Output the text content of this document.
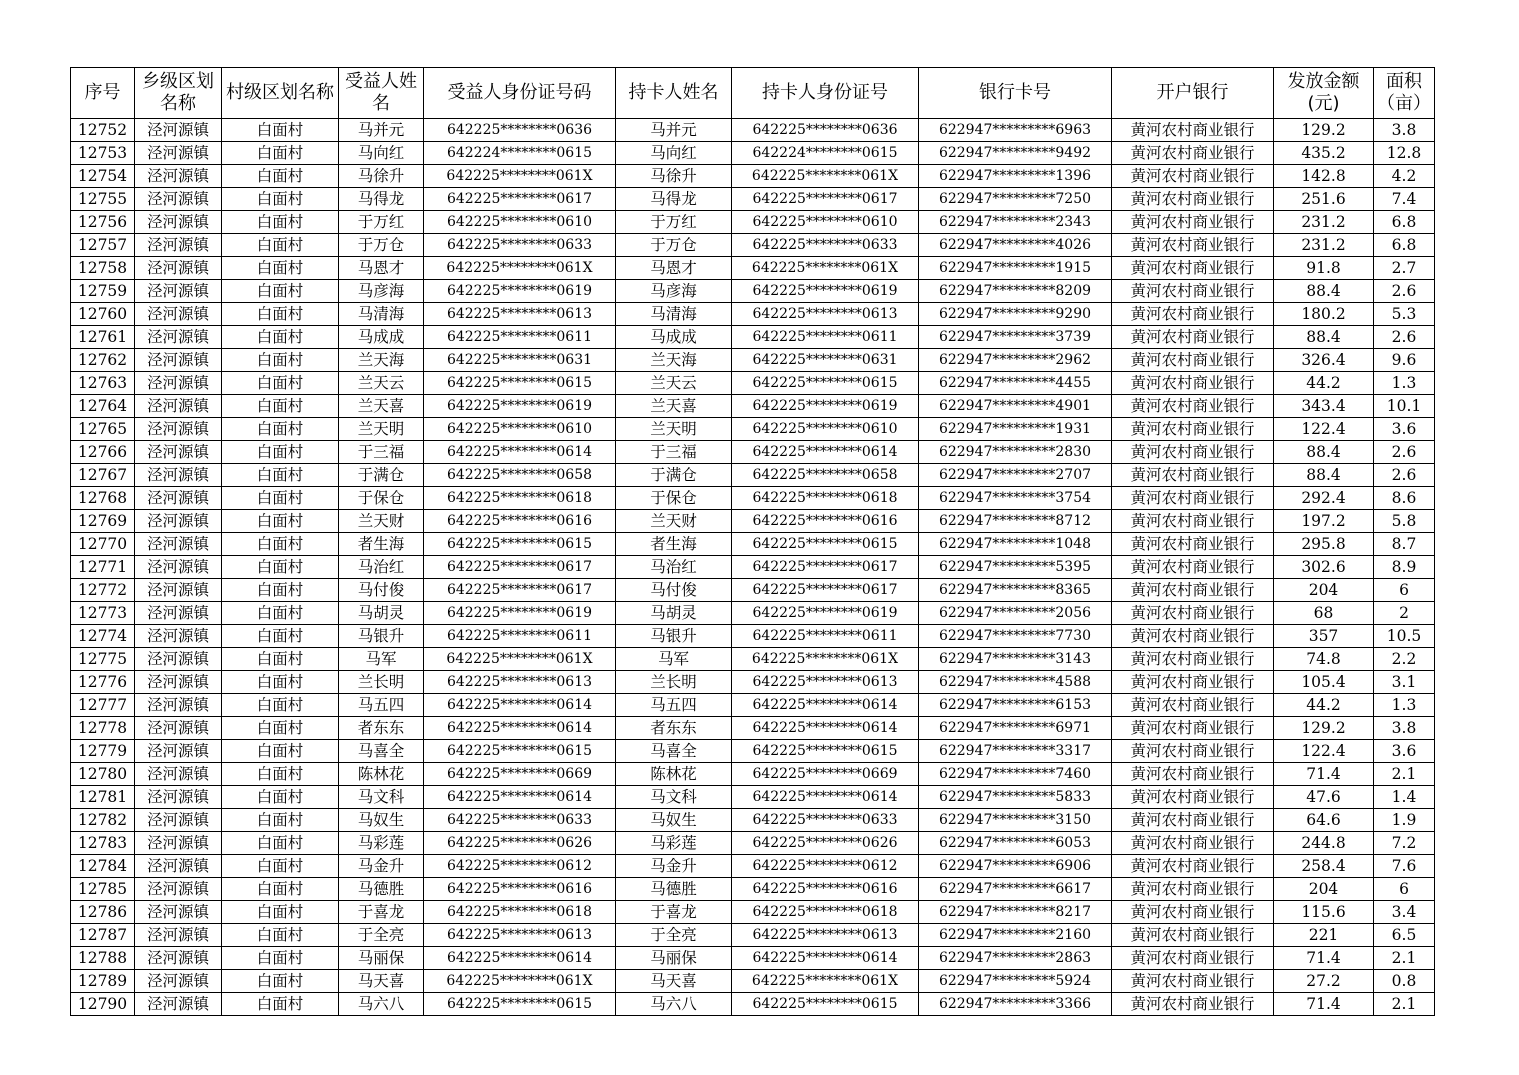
序号	乡级区划名称	村级区划名称	受益人姓名	受益人身份证号码	持卡人姓名	持卡人身份证号	银行卡号	开户银行	发放金额(元)	面积（亩）
12752	泾河源镇	白面村	马并元	642225********0636	马并元	642225********0636	622947*********6963	黄河农村商业银行	129.2	3.8
12753	泾河源镇	白面村	马向红	642224********0615	马向红	642224********0615	622947*********9492	黄河农村商业银行	435.2	12.8
12754	泾河源镇	白面村	马徐升	642225********061X	马徐升	642225********061X	622947*********1396	黄河农村商业银行	142.8	4.2
12755	泾河源镇	白面村	马得龙	642225********0617	马得龙	642225********0617	622947*********7250	黄河农村商业银行	251.6	7.4
12756	泾河源镇	白面村	于万红	642225********0610	于万红	642225********0610	622947*********2343	黄河农村商业银行	231.2	6.8
12757	泾河源镇	白面村	于万仓	642225********0633	于万仓	642225********0633	622947*********4026	黄河农村商业银行	231.2	6.8
12758	泾河源镇	白面村	马恩才	642225********061X	马恩才	642225********061X	622947*********1915	黄河农村商业银行	91.8	2.7
12759	泾河源镇	白面村	马彦海	642225********0619	马彦海	642225********0619	622947*********8209	黄河农村商业银行	88.4	2.6
12760	泾河源镇	白面村	马清海	642225********0613	马清海	642225********0613	622947*********9290	黄河农村商业银行	180.2	5.3
12761	泾河源镇	白面村	马成成	642225********0611	马成成	642225********0611	622947*********3739	黄河农村商业银行	88.4	2.6
12762	泾河源镇	白面村	兰天海	642225********0631	兰天海	642225********0631	622947*********2962	黄河农村商业银行	326.4	9.6
12763	泾河源镇	白面村	兰天云	642225********0615	兰天云	642225********0615	622947*********4455	黄河农村商业银行	44.2	1.3
12764	泾河源镇	白面村	兰天喜	642225********0619	兰天喜	642225********0619	622947*********4901	黄河农村商业银行	343.4	10.1
12765	泾河源镇	白面村	兰天明	642225********0610	兰天明	642225********0610	622947*********1931	黄河农村商业银行	122.4	3.6
12766	泾河源镇	白面村	于三福	642225********0614	于三福	642225********0614	622947*********2830	黄河农村商业银行	88.4	2.6
12767	泾河源镇	白面村	于满仓	642225********0658	于满仓	642225********0658	622947*********2707	黄河农村商业银行	88.4	2.6
12768	泾河源镇	白面村	于保仓	642225********0618	于保仓	642225********0618	622947*********3754	黄河农村商业银行	292.4	8.6
12769	泾河源镇	白面村	兰天财	642225********0616	兰天财	642225********0616	622947*********8712	黄河农村商业银行	197.2	5.8
12770	泾河源镇	白面村	者生海	642225********0615	者生海	642225********0615	622947*********1048	黄河农村商业银行	295.8	8.7
12771	泾河源镇	白面村	马治红	642225********0617	马治红	642225********0617	622947*********5395	黄河农村商业银行	302.6	8.9
12772	泾河源镇	白面村	马付俊	642225********0617	马付俊	642225********0617	622947*********8365	黄河农村商业银行	204	6
12773	泾河源镇	白面村	马胡灵	642225********0619	马胡灵	642225********0619	622947*********2056	黄河农村商业银行	68	2
12774	泾河源镇	白面村	马银升	642225********0611	马银升	642225********0611	622947*********7730	黄河农村商业银行	357	10.5
12775	泾河源镇	白面村	马军	642225********061X	马军	642225********061X	622947*********3143	黄河农村商业银行	74.8	2.2
12776	泾河源镇	白面村	兰长明	642225********0613	兰长明	642225********0613	622947*********4588	黄河农村商业银行	105.4	3.1
12777	泾河源镇	白面村	马五四	642225********0614	马五四	642225********0614	622947*********6153	黄河农村商业银行	44.2	1.3
12778	泾河源镇	白面村	者东东	642225********0614	者东东	642225********0614	622947*********6971	黄河农村商业银行	129.2	3.8
12779	泾河源镇	白面村	马喜全	642225********0615	马喜全	642225********0615	622947*********3317	黄河农村商业银行	122.4	3.6
12780	泾河源镇	白面村	陈林花	642225********0669	陈林花	642225********0669	622947*********7460	黄河农村商业银行	71.4	2.1
12781	泾河源镇	白面村	马文科	642225********0614	马文科	642225********0614	622947*********5833	黄河农村商业银行	47.6	1.4
12782	泾河源镇	白面村	马奴生	642225********0633	马奴生	642225********0633	622947*********3150	黄河农村商业银行	64.6	1.9
12783	泾河源镇	白面村	马彩莲	642225********0626	马彩莲	642225********0626	622947*********6053	黄河农村商业银行	244.8	7.2
12784	泾河源镇	白面村	马金升	642225********0612	马金升	642225********0612	622947*********6906	黄河农村商业银行	258.4	7.6
12785	泾河源镇	白面村	马德胜	642225********0616	马德胜	642225********0616	622947*********6617	黄河农村商业银行	204	6
12786	泾河源镇	白面村	于喜龙	642225********0618	于喜龙	642225********0618	622947*********8217	黄河农村商业银行	115.6	3.4
12787	泾河源镇	白面村	于全亮	642225********0613	于全亮	642225********0613	622947*********2160	黄河农村商业银行	221	6.5
12788	泾河源镇	白面村	马丽保	642225********0614	马丽保	642225********0614	622947*********2863	黄河农村商业银行	71.4	2.1
12789	泾河源镇	白面村	马天喜	642225********061X	马天喜	642225********061X	622947*********5924	黄河农村商业银行	27.2	0.8
12790	泾河源镇	白面村	马六八	642225********0615	马六八	642225********0615	622947*********3366	黄河农村商业银行	71.4	2.1
